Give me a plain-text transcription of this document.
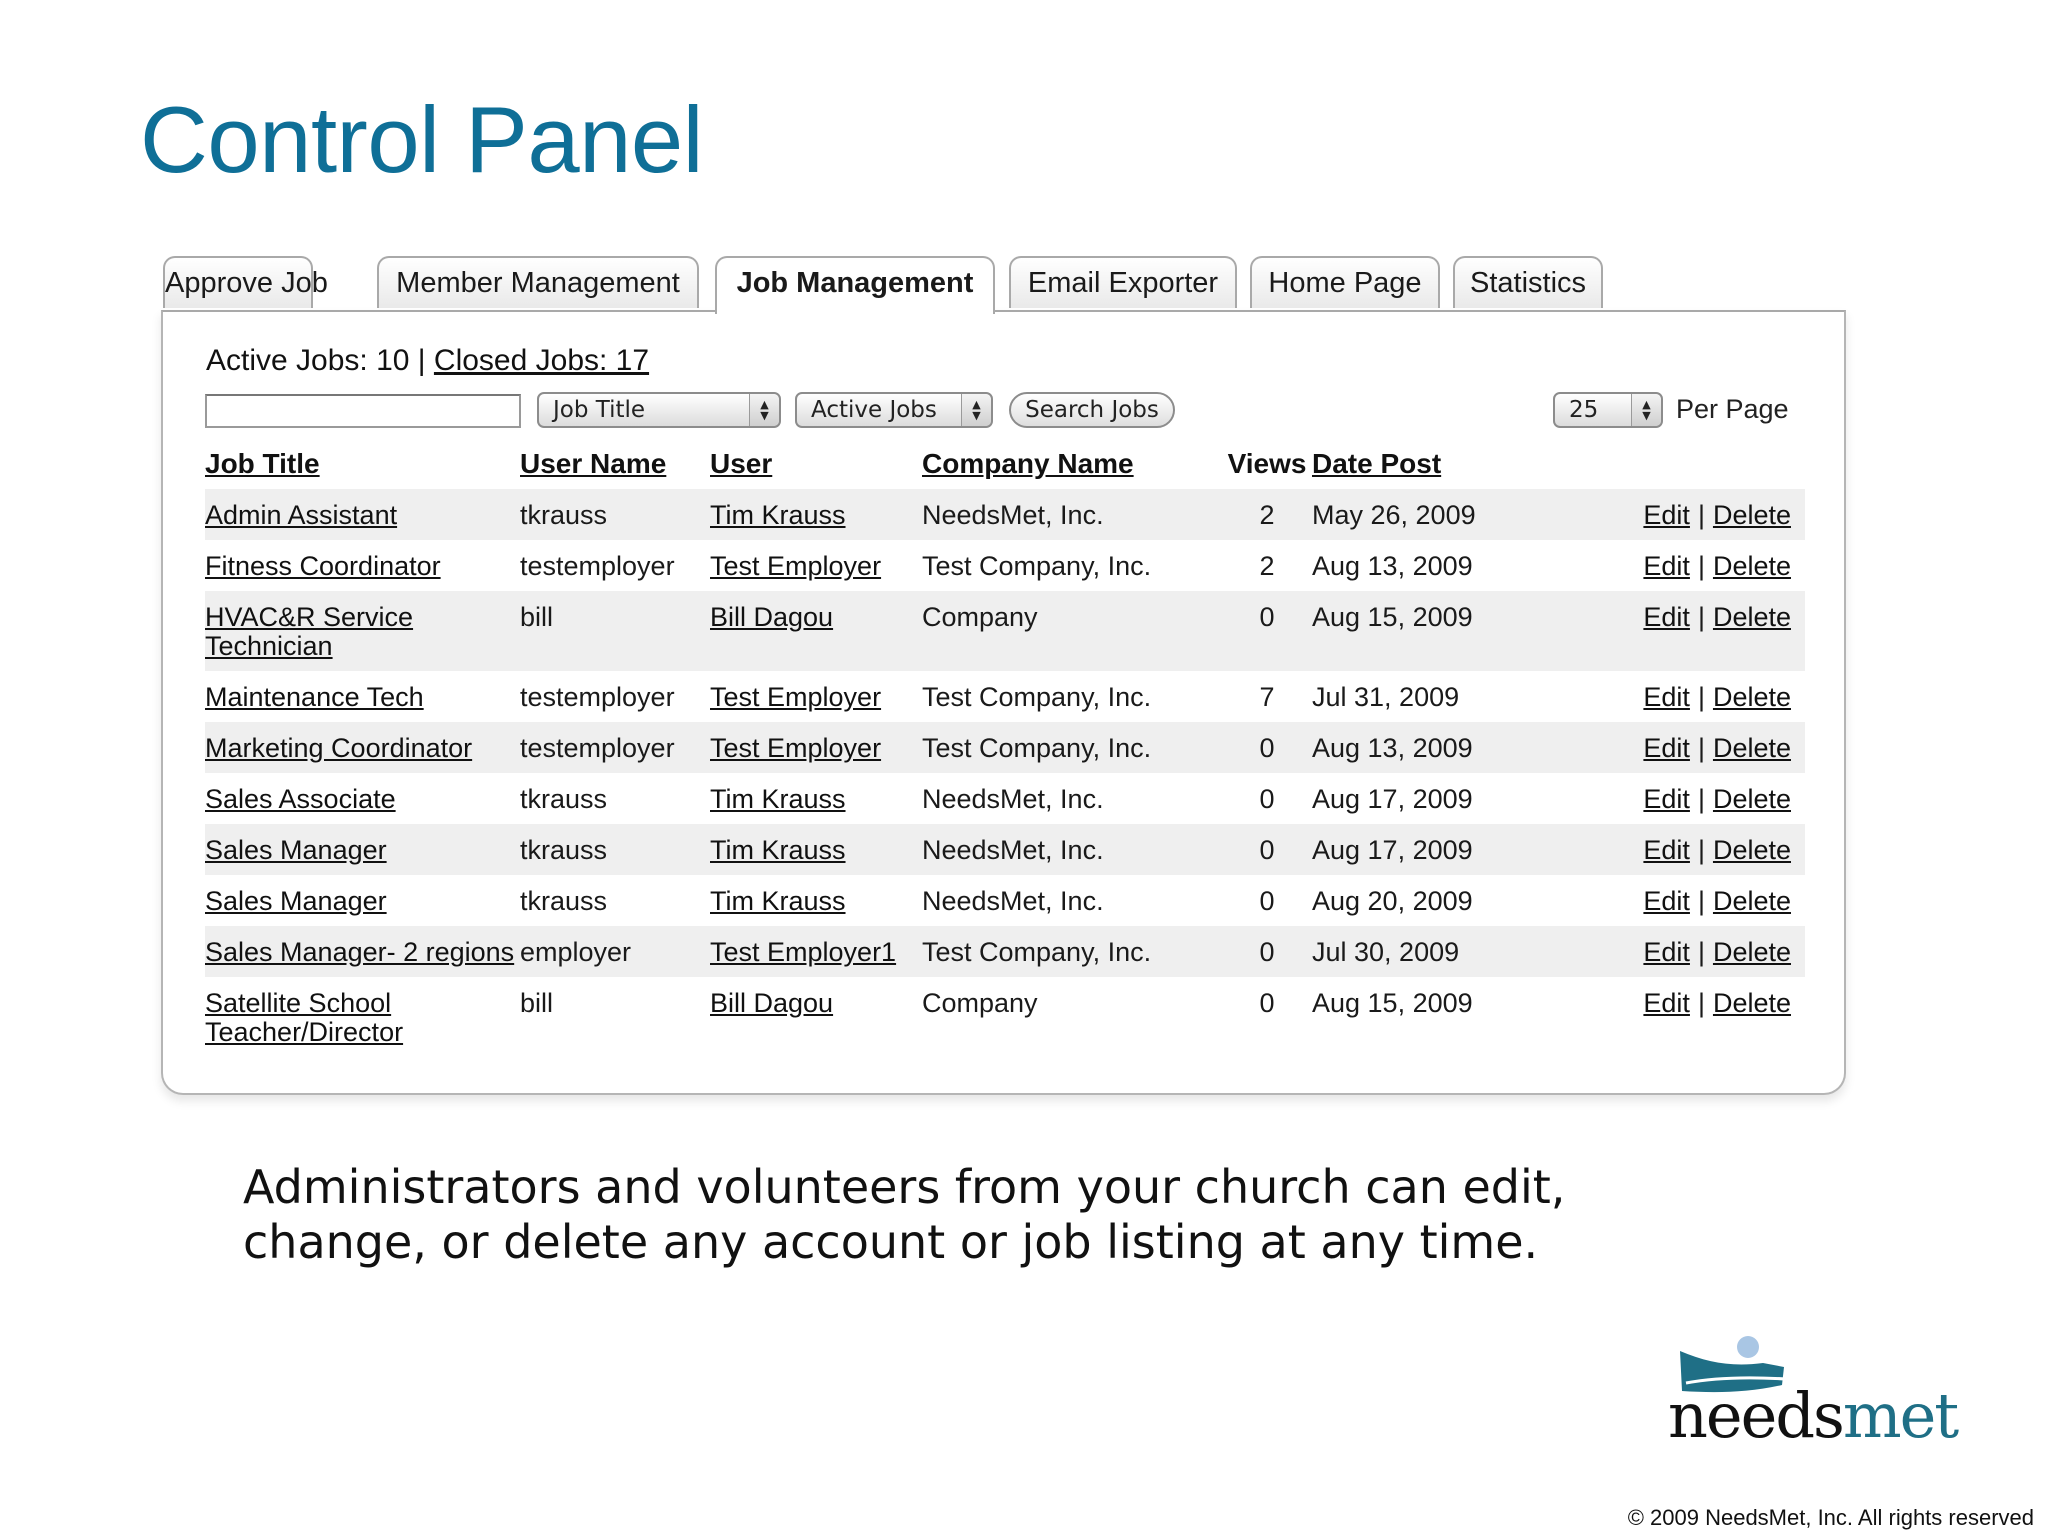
Control Panel
Approve Job	Member Management	Job Management	Email Exporter	Home Page	Statistics
Active Jobs: 10 | Closed Jobs: 17
Job Title	▲
▼	Active Jobs	▲
▼	Search Jobs	25	▲
▼ Per Page
Job Title	User Name	User	Company Name	Views	Date Post	
Admin Assistant	tkrauss	Tim Krauss	NeedsMet, Inc.	2	May 26, 2009	Edit | Delete
Fitness Coordinator	testemployer	Test Employer	Test Company, Inc.	2	Aug 13, 2009	Edit | Delete
HVAC&R Service Technician	bill	Bill Dagou	Company	0	Aug 15, 2009	Edit | Delete
Maintenance Tech	testemployer	Test Employer	Test Company, Inc.	7	Jul 31, 2009	Edit | Delete
Marketing Coordinator	testemployer	Test Employer	Test Company, Inc.	0	Aug 13, 2009	Edit | Delete
Sales Associate	tkrauss	Tim Krauss	NeedsMet, Inc.	0	Aug 17, 2009	Edit | Delete
Sales Manager	tkrauss	Tim Krauss	NeedsMet, Inc.	0	Aug 17, 2009	Edit | Delete
Sales Manager	tkrauss	Tim Krauss	NeedsMet, Inc.	0	Aug 20, 2009	Edit | Delete
Sales Manager- 2 regions	employer	Test Employer1	Test Company, Inc.	0	Jul 30, 2009	Edit | Delete
Satellite School Teacher/Director	bill	Bill Dagou	Company	0	Aug 15, 2009	Edit | Delete

Administrators and volunteers from your church can edit, change, or delete any account or job listing at any time.

needsmet
© 2009 NeedsMet, Inc. All rights reserved
